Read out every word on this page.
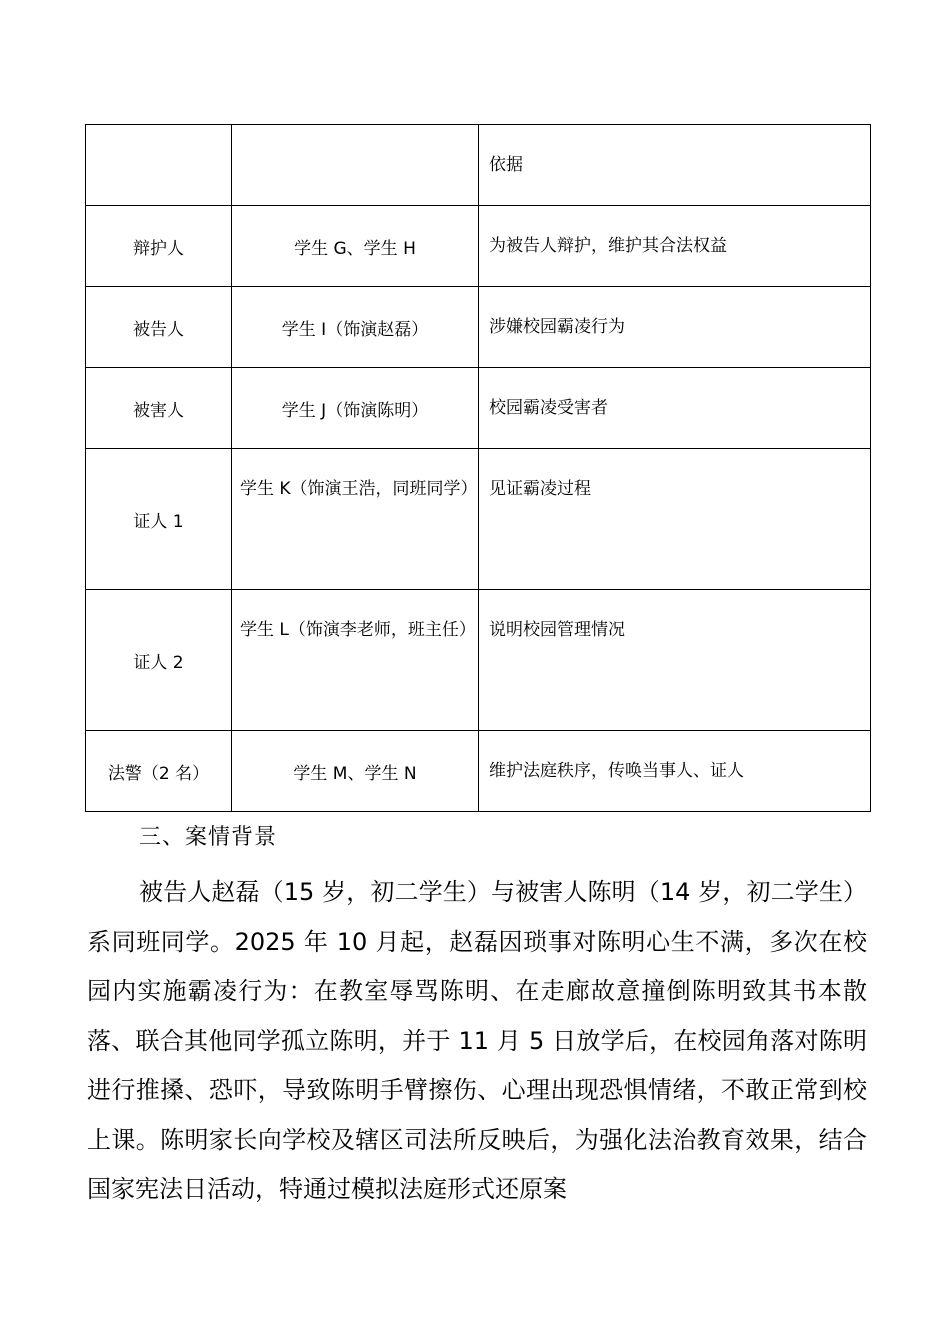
		依据

辩护人	学生 G、学生 H	为被告人辩护，维护其合法权益

被告人	学生 I（饰演赵磊）	涉嫌校园霸凌行为

被害人	学生 J（饰演陈明）	校园霸凌受害者

证人 1	学生 K（饰演王浩，同班同学）	见证霸凌过程

证人 2	学生 L（饰演李老师，班主任）	说明校园管理情况

法警（2 名）	学生 M、学生 N	维护法庭秩序，传唤当事人、证人
三、案情背景

被告人赵磊（15 岁，初二学生）与被害人陈明（14 岁，初二学生）系同班同学。2025 年 10 月起，赵磊因琐事对陈明心生不满，多次在校园内实施霸凌行为：在教室辱骂陈明、在走廊故意撞倒陈明致其书本散落、联合其他同学孤立陈明，并于 11 月 5 日放学后，在校园角落对陈明进行推搡、恐吓，导致陈明手臂擦伤、心理出现恐惧情绪，不敢正常到校上课。陈明家长向学校及辖区司法所反映后，为强化法治教育效果，结合国家宪法日活动，特通过模拟法庭形式还原案
